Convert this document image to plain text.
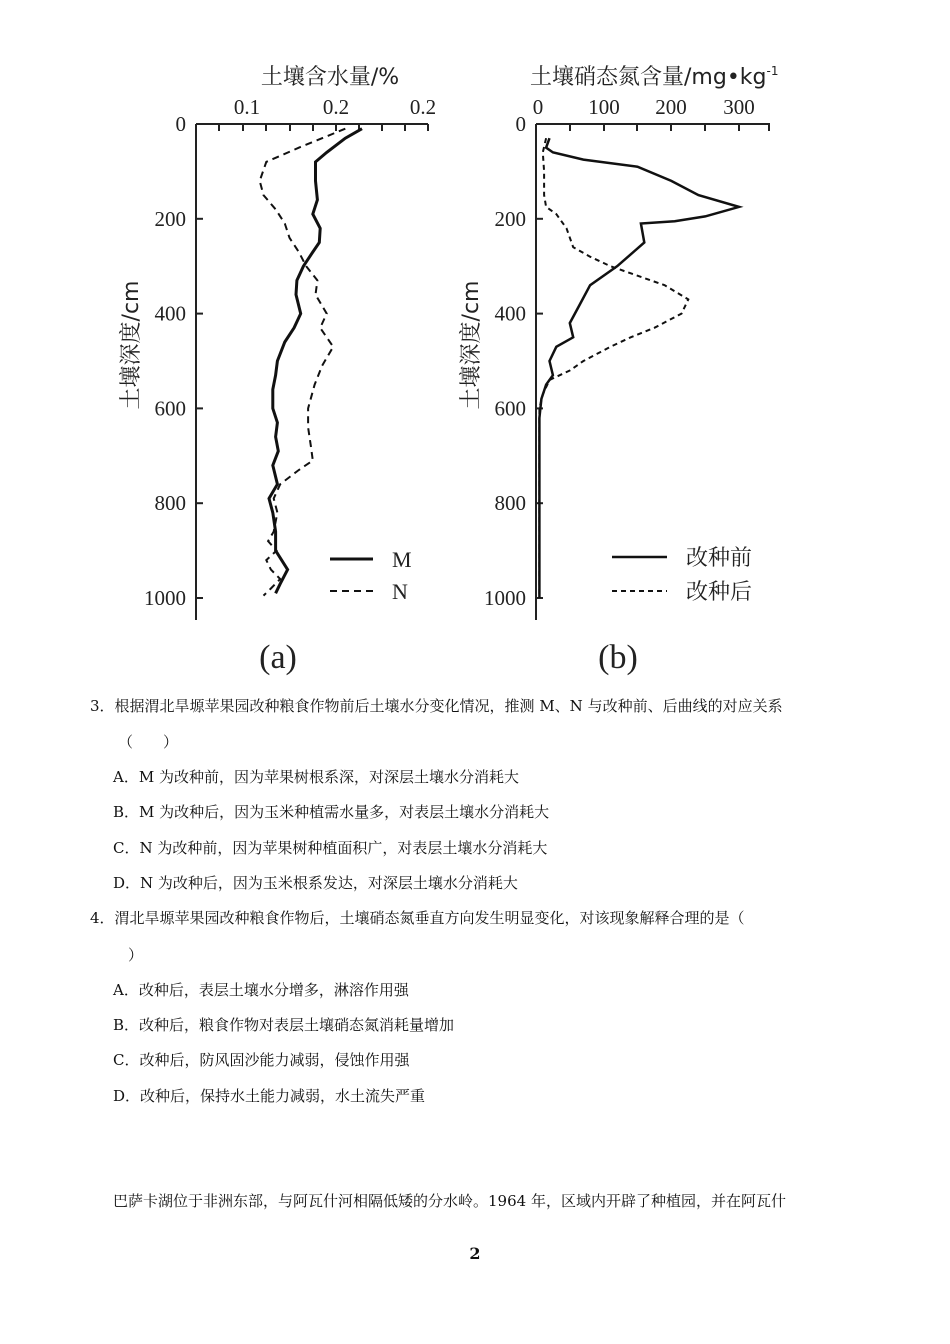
土壤含水量/%
0.1	0.2	0.2
0
200
400
600
800
1000
土壤深度/cm
M
N
(a)
土壤硝态氮含量$/mg•kg^{-1}$
0 100 200 300
0
200
400
600
800
1000
土壤深度/cm
改种前
改种后
(b)
3．根据渭北旱塬苹果园改种粮食作物前后土壤水分变化情况，推测 M、N 与改种前、后曲线的对应关系
（　　）
A．M 为改种前，因为苹果树根系深，对深层土壤水分消耗大
B．M 为改种后，因为玉米种植需水量多，对表层土壤水分消耗大
C．N 为改种前，因为苹果树种植面积广，对表层土壤水分消耗大
D．N 为改种后，因为玉米根系发达，对深层土壤水分消耗大
4．渭北旱塬苹果园改种粮食作物后，土壤硝态氮垂直方向发生明显变化，对该现象解释合理的是（
）
A．改种后，表层土壤水分增多，淋溶作用强
B．改种后，粮食作物对表层土壤硝态氮消耗量增加
C．改种后，防风固沙能力减弱，侵蚀作用强
D．改种后，保持水土能力减弱，水土流失严重
巴萨卡湖位于非洲东部，与阿瓦什河相隔低矮的分水岭。1964 年，区域内开辟了种植园，并在阿瓦什
2
